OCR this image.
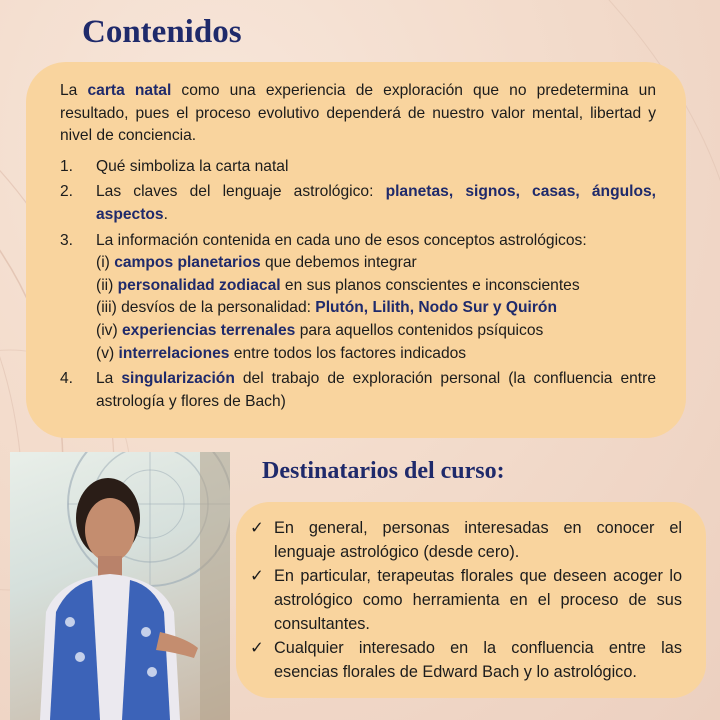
Contenidos

La carta natal como una experiencia de exploración que no predetermina un resultado, pues el proceso evolutivo dependerá de nuestro valor mental, libertad y nivel de conciencia.

1. Qué simboliza la carta natal
2. Las claves del lenguaje astrológico: planetas, signos, casas, ángulos, aspectos.
3. La información contenida en cada uno de esos conceptos astrológicos:
(i) campos planetarios que debemos integrar
(ii) personalidad zodiacal en sus planos conscientes e inconscientes
(iii) desvíos de la personalidad: Plutón, Lilith, Nodo Sur y Quirón
(iv) experiencias terrenales para aquellos contenidos psíquicos
(v) interrelaciones entre todos los factores indicados
4. La singularización del trabajo de exploración personal (la confluencia entre astrología y flores de Bach)
Destinatarios del curso:
✓ En general, personas interesadas en conocer el lenguaje astrológico (desde cero).
✓ En particular, terapeutas florales que deseen acoger lo astrológico como herramienta en el proceso de sus consultantes.
✓ Cualquier interesado en la confluencia entre las esencias florales de Edward Bach y lo astrológico.
